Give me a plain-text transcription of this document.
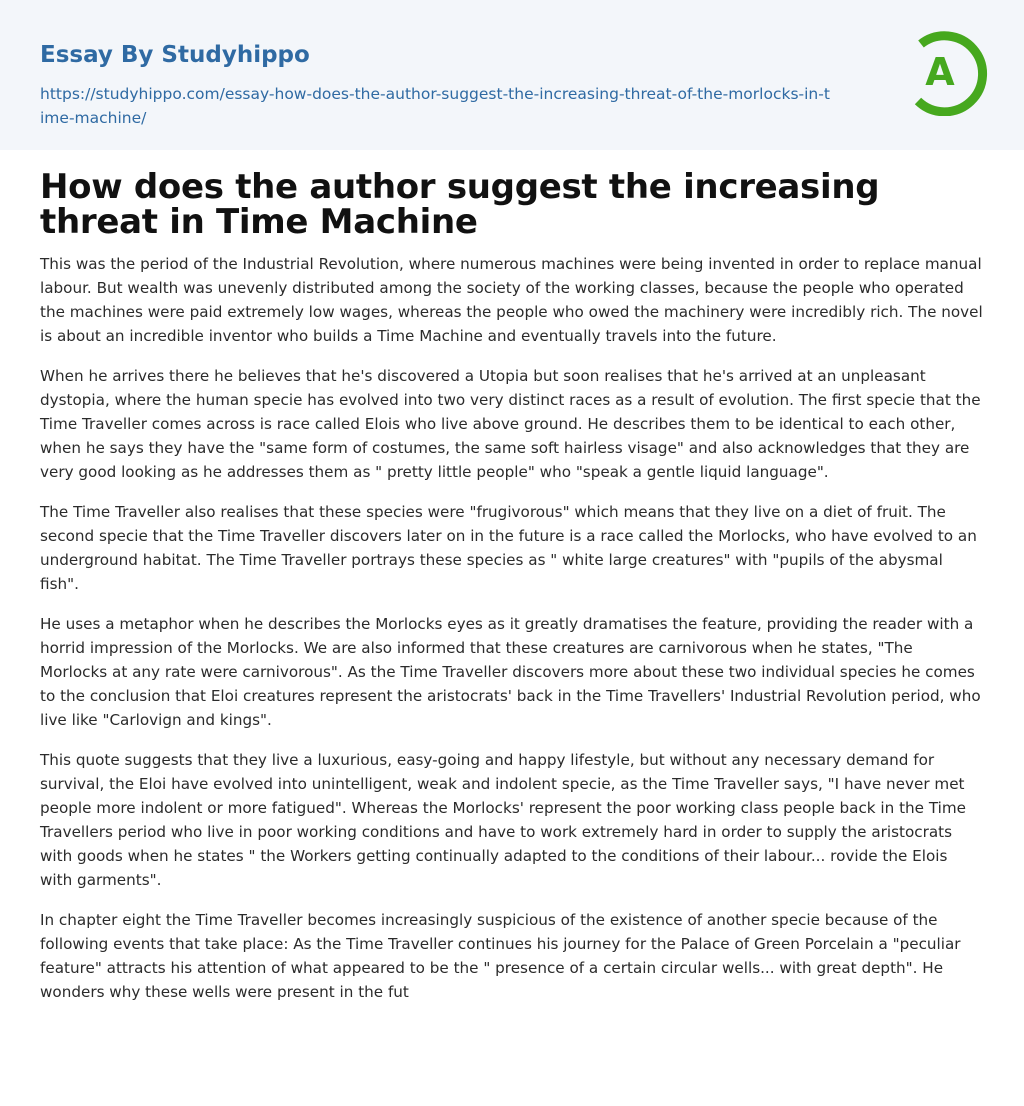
Essay By Studyhippo
https://studyhippo.com/essay-how-does-the-author-suggest-the-increasing-threat-of-the-morlocks-in-time-machine/
A
How does the author suggest the increasing threat in Time Machine

This was the period of the Industrial Revolution, where numerous machines were being invented in order to replace manual labour. But wealth was unevenly distributed among the society of the working classes, because the people who operated the machines were paid extremely low wages, whereas the people who owed the machinery were incredibly rich. The novel is about an incredible inventor who builds a Time Machine and eventually travels into the future.

When he arrives there he believes that he's discovered a Utopia but soon realises that he's arrived at an unpleasant dystopia, where the human specie has evolved into two very distinct races as a result of evolution. The first specie that the Time Traveller comes across is race called Elois who live above ground. He describes them to be identical to each other, when he says they have the "same form of costumes, the same soft hairless visage" and also acknowledges that they are very good looking as he addresses them as " pretty little people" who "speak a gentle liquid language".

The Time Traveller also realises that these species were "frugivorous" which means that they live on a diet of fruit. The second specie that the Time Traveller discovers later on in the future is a race called the Morlocks, who have evolved to an underground habitat. The Time Traveller portrays these species as " white large creatures" with "pupils of the abysmal fish".

He uses a metaphor when he describes the Morlocks eyes as it greatly dramatises the feature, providing the reader with a horrid impression of the Morlocks. We are also informed that these creatures are carnivorous when he states, "The Morlocks at any rate were carnivorous". As the Time Traveller discovers more about these two individual species he comes to the conclusion that Eloi creatures represent the aristocrats' back in the Time Travellers' Industrial Revolution period, who live like "Carlovign and kings".

This quote suggests that they live a luxurious, easy-going and happy lifestyle, but without any necessary demand for survival, the Eloi have evolved into unintelligent, weak and indolent specie, as the Time Traveller says, "I have never met people more indolent or more fatigued". Whereas the Morlocks' represent the poor working class people back in the Time Travellers period who live in poor working conditions and have to work extremely hard in order to supply the aristocrats with goods when he states " the Workers getting continually adapted to the conditions of their labour... rovide the Elois with garments".

In chapter eight the Time Traveller becomes increasingly suspicious of the existence of another specie because of the following events that take place: As the Time Traveller continues his journey for the Palace of Green Porcelain a "peculiar feature" attracts his attention of what appeared to be the " presence of a certain circular wells... with great depth". He wonders why these wells were present in the fut
